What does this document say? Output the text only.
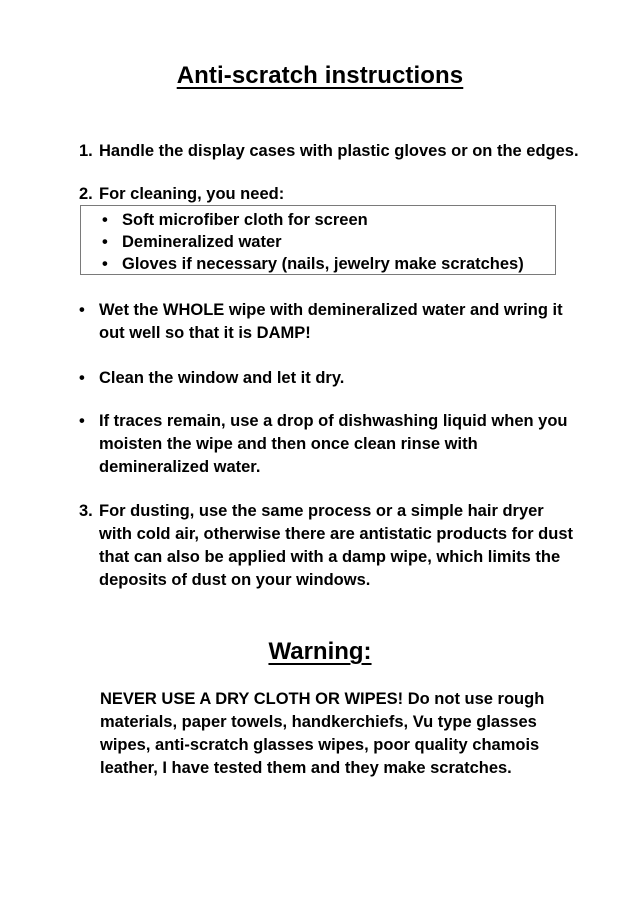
Anti-scratch instructions
1. Handle the display cases with plastic gloves or on the edges.
2. For cleaning, you need:
• Soft microfiber cloth for screen
• Demineralized water
• Gloves if necessary (nails, jewelry make scratches)
• Wet the WHOLE wipe with demineralized water and wring it out well so that it is DAMP!
• Clean the window and let it dry.
• If traces remain, use a drop of dishwashing liquid when you moisten the wipe and then once clean rinse with demineralized water.
3. For dusting, use the same process or a simple hair dryer with cold air, otherwise there are antistatic products for dust that can also be applied with a damp wipe, which limits the deposits of dust on your windows.
Warning:
NEVER USE A DRY CLOTH OR WIPES! Do not use rough materials, paper towels, handkerchiefs, Vu type glasses wipes, anti-scratch glasses wipes, poor quality chamois leather, I have tested them and they make scratches.
